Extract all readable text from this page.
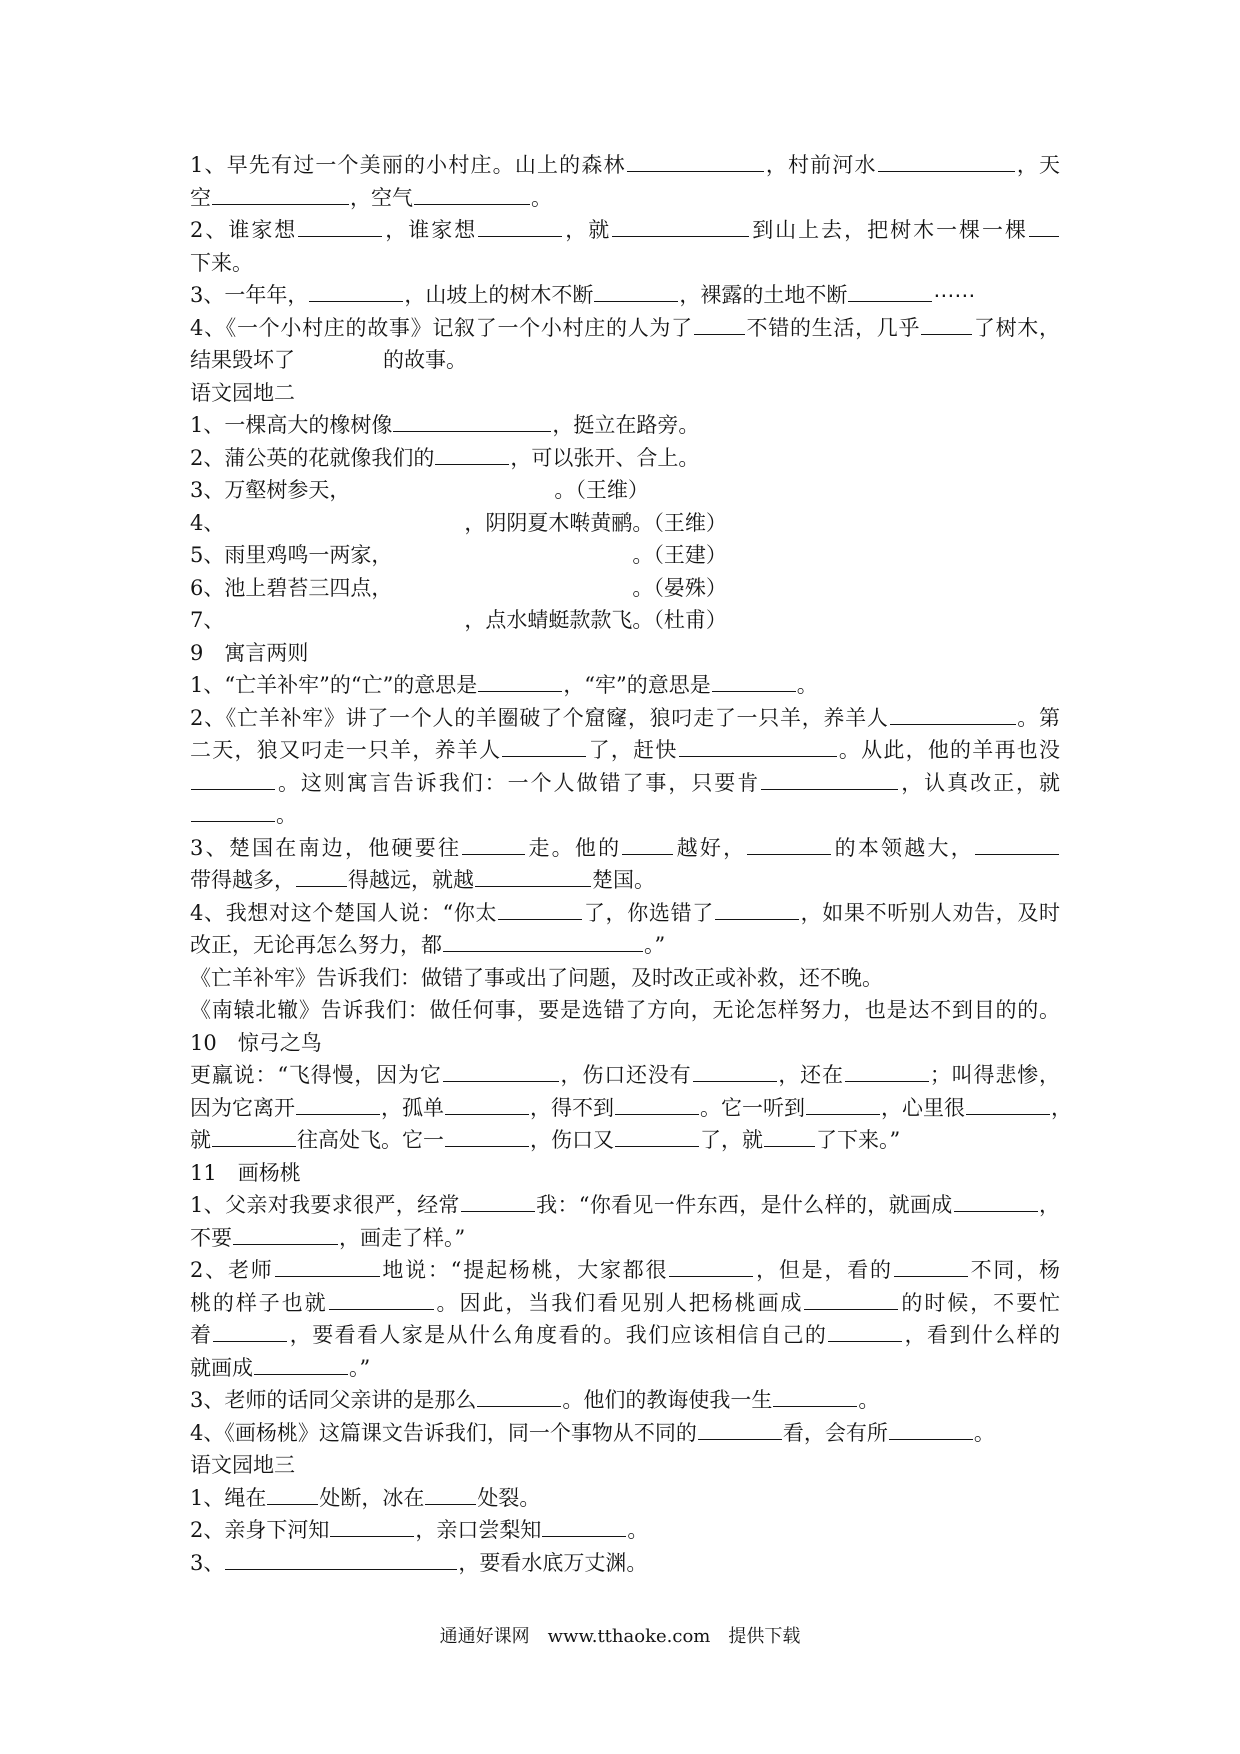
1、早先有过一个美丽的小村庄。山上的森林	，村前河水	，天
空	，空气	。
2、谁家想	，谁家想	，就	到山上去，把树木一棵一棵
下来。
3、一年年，	，山坡上的树木不断	，裸露的土地不断	⋯⋯
4、《一个小村庄的故事》记叙了一个小村庄的人为了	不错的生活，几乎	了树木，
结果毁坏了	的故事。
语文园地二
1、一棵高大的橡树像	，挺立在路旁。
2、蒲公英的花就像我们的	，可以张开、合上。
3、万壑树参天，	。（王维）
4、	，阴阴夏木啭黄鹂。（王维）
5、雨里鸡鸣一两家，	。（王建）
6、池上碧苔三四点，	。（晏殊）
7、	，点水蜻蜓款款飞。（杜甫）
9　寓言两则
1、“亡羊补牢”的“亡”的意思是	，“牢”的意思是	。
2、《亡羊补牢》讲了一个人的羊圈破了个窟窿，狼叼走了一只羊，养羊人	。第
二天，狼又叼走一只羊，养羊人	了，赶快	。从此，他的羊再也没
。这则寓言告诉我们：一个人做错了事，只要肯	，认真改正，就
。
3、楚国在南边，他硬要往	走。他的	越好，	的本领越大，
带得越多，	得越远，就越	楚国。
4、我想对这个楚国人说：“你太	了，你选错了	，如果不听别人劝告，及时
改正，无论再怎么努力，都	。”
《亡羊补牢》告诉我们：做错了事或出了问题，及时改正或补救，还不晚。
《南辕北辙》告诉我们：做任何事，要是选错了方向，无论怎样努力，也是达不到目的的。
10　惊弓之鸟
更羸说：“飞得慢，因为它	，伤口还没有	，还在	；叫得悲惨，
因为它离开	，孤单	，得不到	。它一听到	，心里很	，
就	往高处飞。它一	，伤口又	了，就	了下来。”
11　画杨桃
1、父亲对我要求很严，经常	我：“你看见一件东西，是什么样的，就画成	，
不要	，画走了样。”
2、老师	地说：“提起杨桃，大家都很	，但是，看的	不同，杨
桃的样子也就	。因此，当我们看见别人把杨桃画成	的时候，不要忙
着	，要看看人家是从什么角度看的。我们应该相信自己的	，看到什么样的
就画成	。”
3、老师的话同父亲讲的是那么	。他们的教诲使我一生	。
4、《画杨桃》这篇课文告诉我们，同一个事物从不同的	看，会有所	。
语文园地三
1、绳在	处断，冰在	处裂。
2、亲身下河知	，亲口尝梨知	。
3、	，要看水底万丈渊。
通通好课网　www.tthaoke.com　提供下载
